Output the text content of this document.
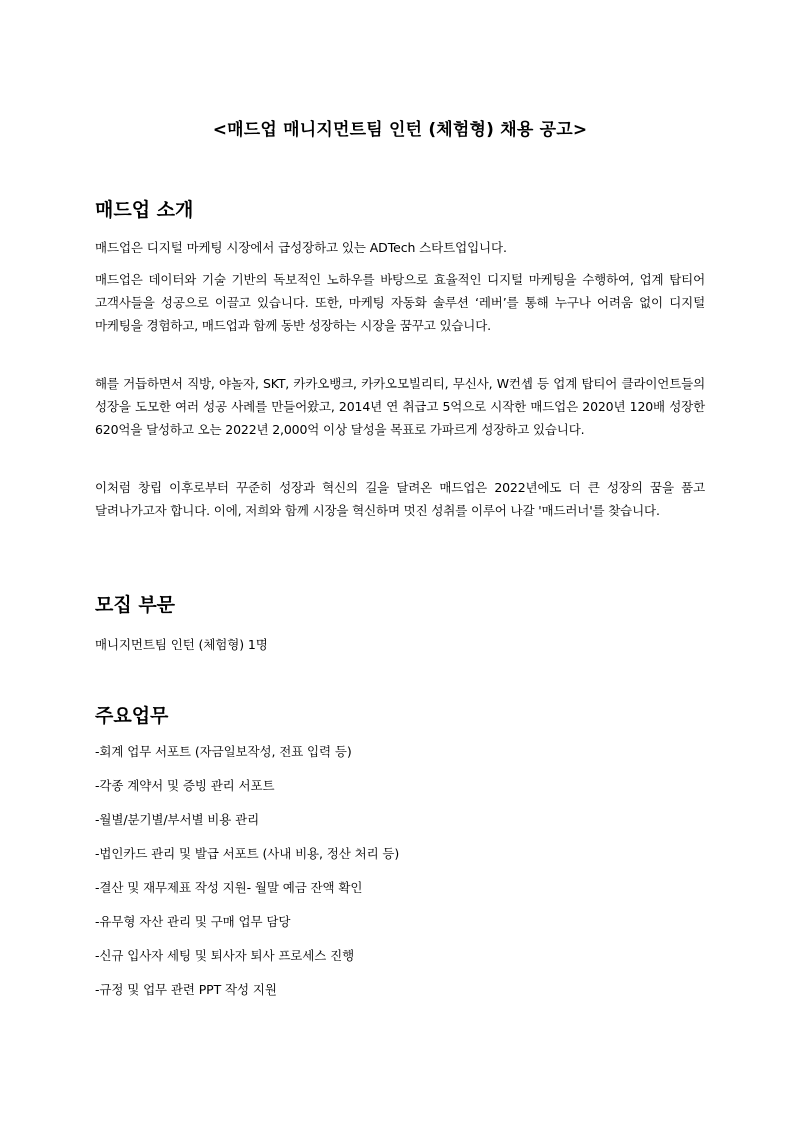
<매드업 매니지먼트팀 인턴 (체험형) 채용 공고>
매드업 소개
매드업은 디지털 마케팅 시장에서 급성장하고 있는 ADTech 스타트업입니다.
매드업은 데이터와 기술 기반의 독보적인 노하우를 바탕으로 효율적인 디지털 마케팅을 수행하여, 업계 탑티어 고객사들을 성공으로 이끌고 있습니다. 또한, 마케팅 자동화 솔루션 ‘레버’를 통해 누구나 어려움 없이 디지털 마케팅을 경험하고, 매드업과 함께 동반 성장하는 시장을 꿈꾸고 있습니다.
해를 거듭하면서 직방, 야놀자, SKT, 카카오뱅크, 카카오모빌리티, 무신사, W컨셉 등 업계 탑티어 클라이언트들의 성장을 도모한 여러 성공 사례를 만들어왔고, 2014년 연 취급고 5억으로 시작한 매드업은 2020년 120배 성장한 620억을 달성하고 오는 2022년 2,000억 이상 달성을 목표로 가파르게 성장하고 있습니다.
이처럼 창립 이후로부터 꾸준히 성장과 혁신의 길을 달려온 매드업은 2022년에도 더 큰 성장의 꿈을 품고 달려나가고자 합니다. 이에, 저희와 함께 시장을 혁신하며 멋진 성취를 이루어 나갈 '매드러너'를 찾습니다.
모집 부문
매니지먼트팀 인턴 (체험형) 1명
주요업무
-회계 업무 서포트 (자금일보작성, 전표 입력 등)
-각종 계약서 및 증빙 관리 서포트
-월별/분기별/부서별 비용 관리
-법인카드 관리 및 발급 서포트 (사내 비용, 정산 처리 등)
-결산 및 재무제표 작성 지원- 월말 예금 잔액 확인
-유무형 자산 관리 및 구매 업무 담당
-신규 입사자 세팅 및 퇴사자 퇴사 프로세스 진행
-규정 및 업무 관련 PPT 작성 지원
